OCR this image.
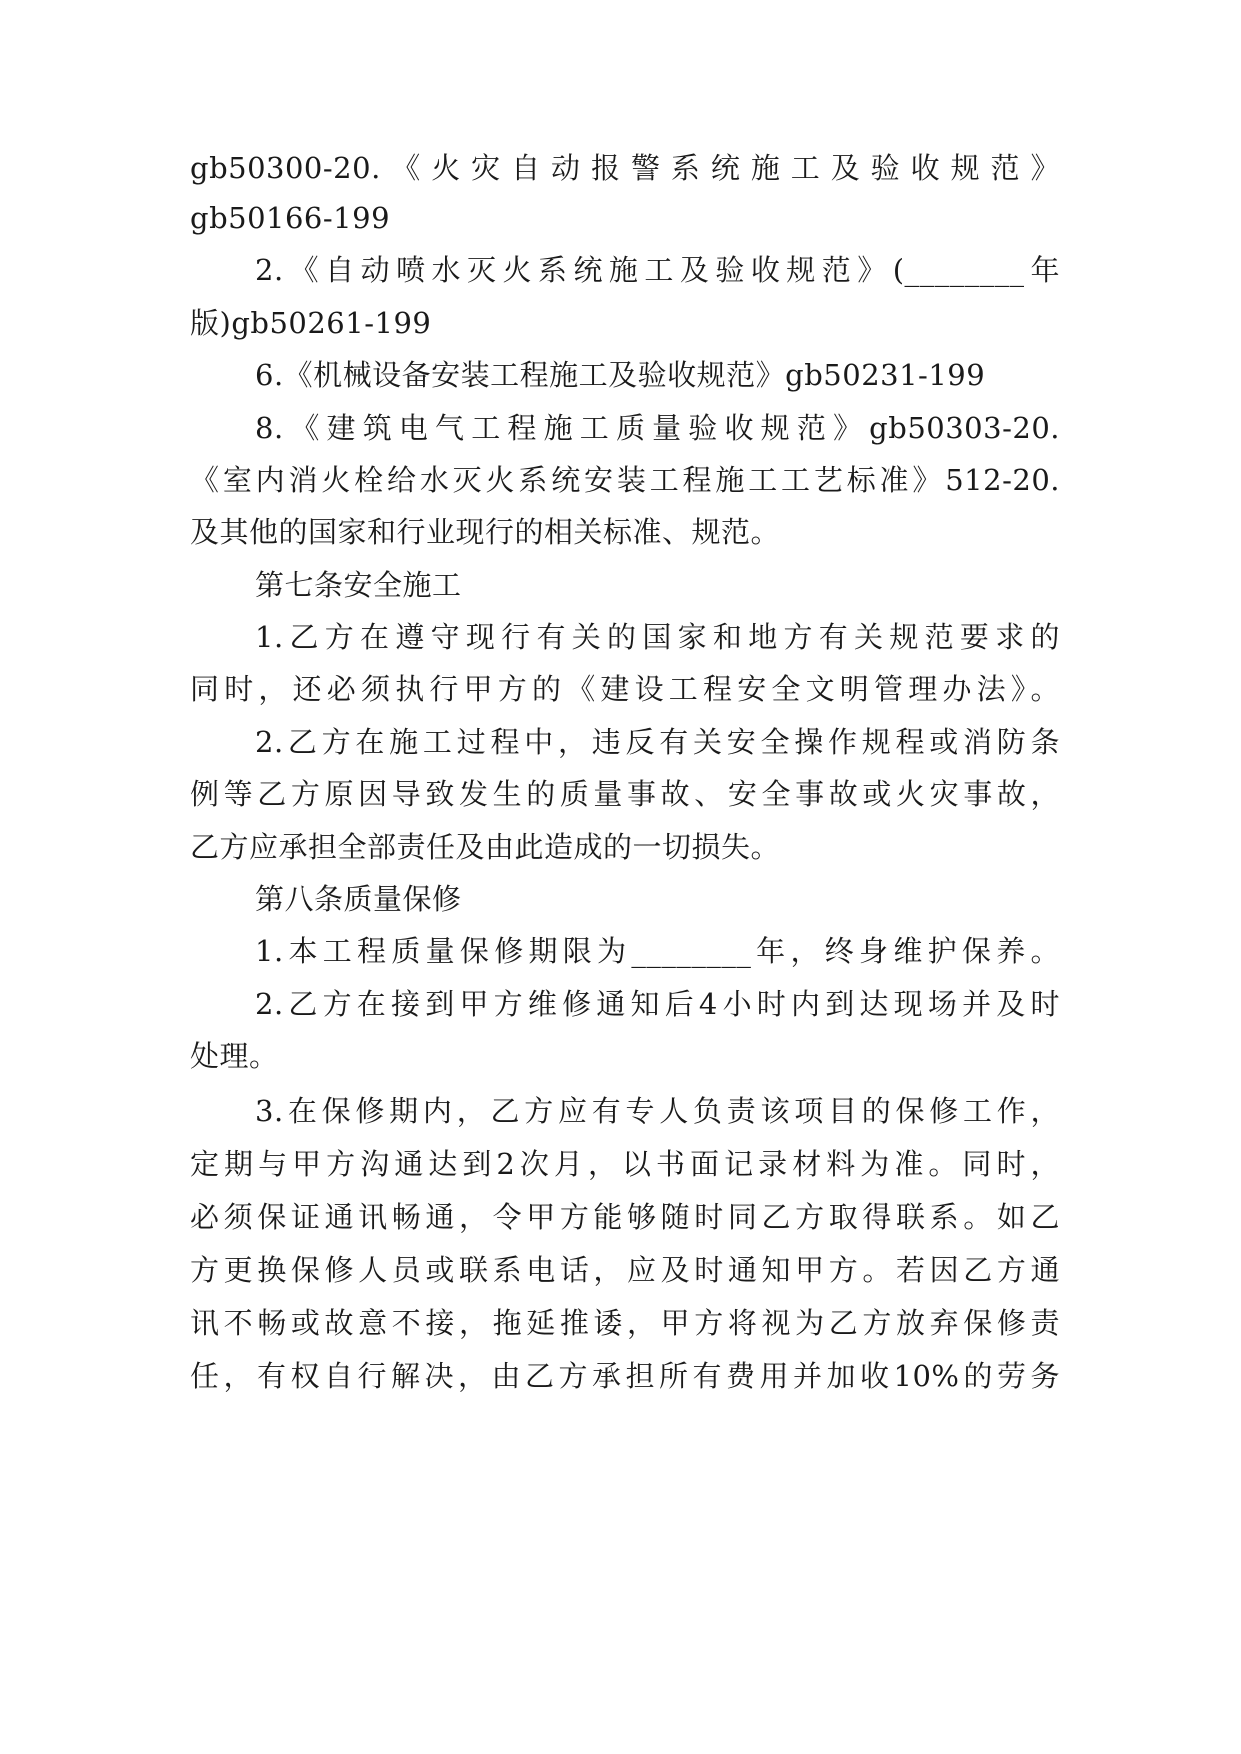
gb50300-20.《火灾自动报警系统施工及验收规范》
gb50166-199
2.《自动喷水灭火系统施工及验收规范》(________年
版)gb50261-199
6.《机械设备安装工程施工及验收规范》gb50231-199
8.《建筑电气工程施工质量验收规范》gb50303-20.
《室内消火栓给水灭火系统安装工程施工工艺标准》512-20.
及其他的国家和行业现行的相关标准、规范。
第七条安全施工
1.乙方在遵守现行有关的国家和地方有关规范要求的
同时，还必须执行甲方的《建设工程安全文明管理办法》。
2.乙方在施工过程中，违反有关安全操作规程或消防条
例等乙方原因导致发生的质量事故、安全事故或火灾事故，
乙方应承担全部责任及由此造成的一切损失。
第八条质量保修
1.本工程质量保修期限为________年，终身维护保养。
2.乙方在接到甲方维修通知后4小时内到达现场并及时
处理。
3.在保修期内，乙方应有专人负责该项目的保修工作，
定期与甲方沟通达到2次月，以书面记录材料为准。同时，
必须保证通讯畅通，令甲方能够随时同乙方取得联系。如乙
方更换保修人员或联系电话，应及时通知甲方。若因乙方通
讯不畅或故意不接，拖延推诿，甲方将视为乙方放弃保修责
任，有权自行解决，由乙方承担所有费用并加收10%的劳务
